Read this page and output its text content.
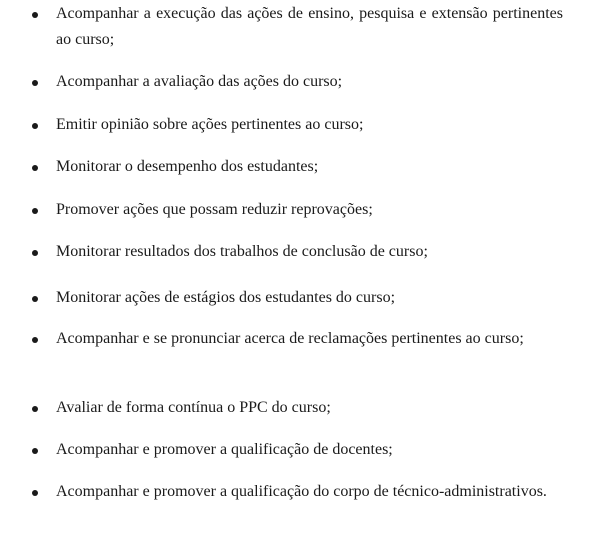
Acompanhar a execução das ações de ensino, pesquisa e extensão pertinentes ao curso;
Acompanhar a avaliação das ações do curso;
Emitir opinião sobre ações pertinentes ao curso;
Monitorar o desempenho dos estudantes;
Promover ações que possam reduzir reprovações;
Monitorar resultados dos trabalhos de conclusão de curso;
Monitorar ações de estágios dos estudantes do curso;
Acompanhar e se pronunciar acerca de reclamações pertinentes ao curso;
Avaliar de forma contínua o PPC do curso;
Acompanhar e promover a qualificação de docentes;
Acompanhar e promover a qualificação do corpo de técnico-administrativos.
